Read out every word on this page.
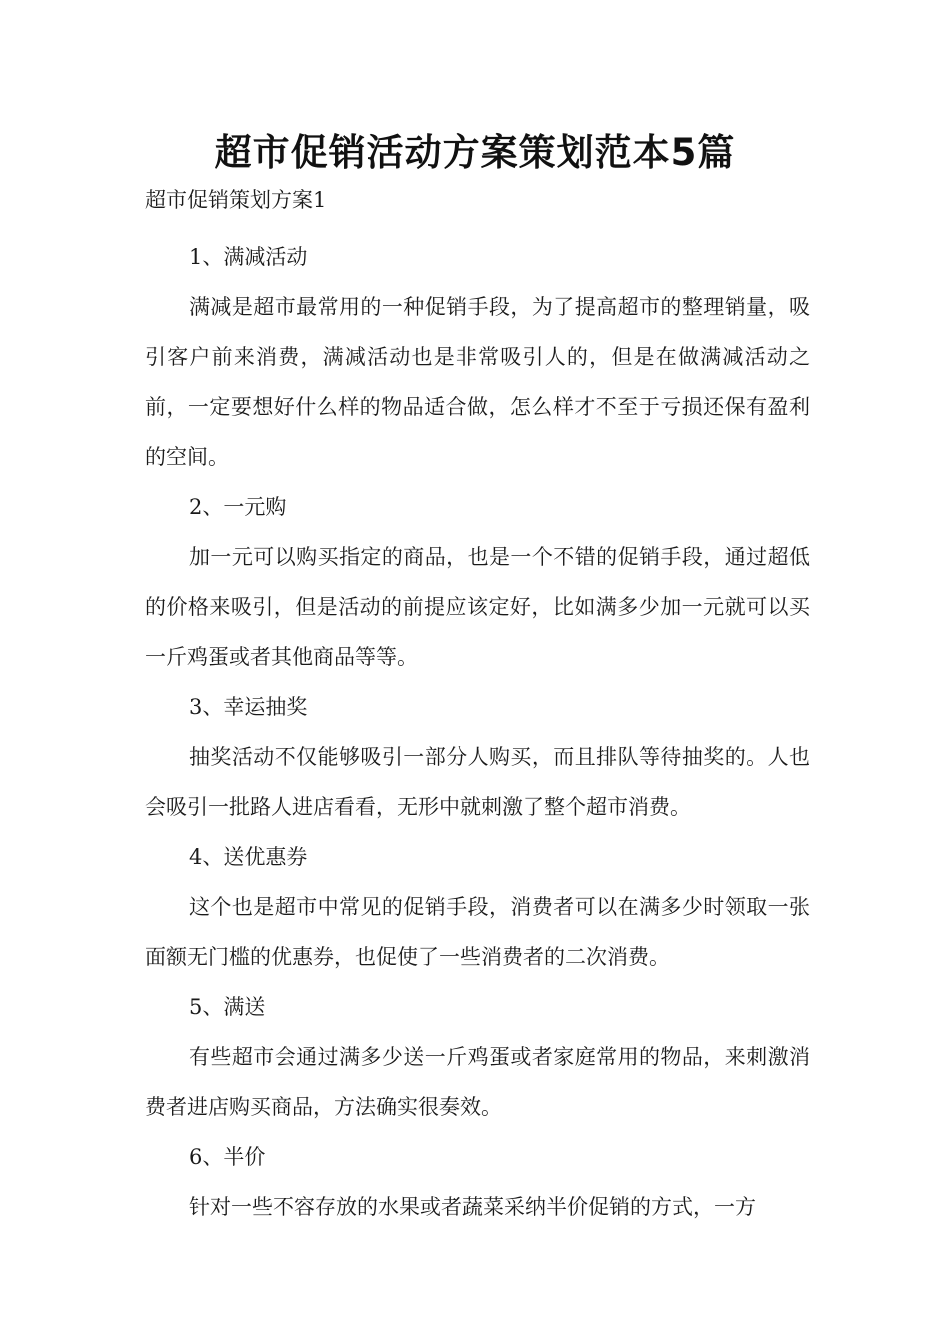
超市促销活动方案策划范本5篇
超市促销策划方案1

1、满减活动

满减是超市最常用的一种促销手段，为了提高超市的整理销量，吸引客户前来消费，满减活动也是非常吸引人的，但是在做满减活动之前，一定要想好什么样的物品适合做，怎么样才不至于亏损还保有盈利的空间。

2、一元购

加一元可以购买指定的商品，也是一个不错的促销手段，通过超低的价格来吸引，但是活动的前提应该定好，比如满多少加一元就可以买一斤鸡蛋或者其他商品等等。

3、幸运抽奖

抽奖活动不仅能够吸引一部分人购买，而且排队等待抽奖的。人也会吸引一批路人进店看看，无形中就刺激了整个超市消费。

4、送优惠券

这个也是超市中常见的促销手段，消费者可以在满多少时领取一张面额无门槛的优惠券，也促使了一些消费者的二次消费。

5、满送

有些超市会通过满多少送一斤鸡蛋或者家庭常用的物品，来刺激消费者进店购买商品，方法确实很奏效。

6、半价

针对一些不容存放的水果或者蔬菜采纳半价促销的方式，一方
